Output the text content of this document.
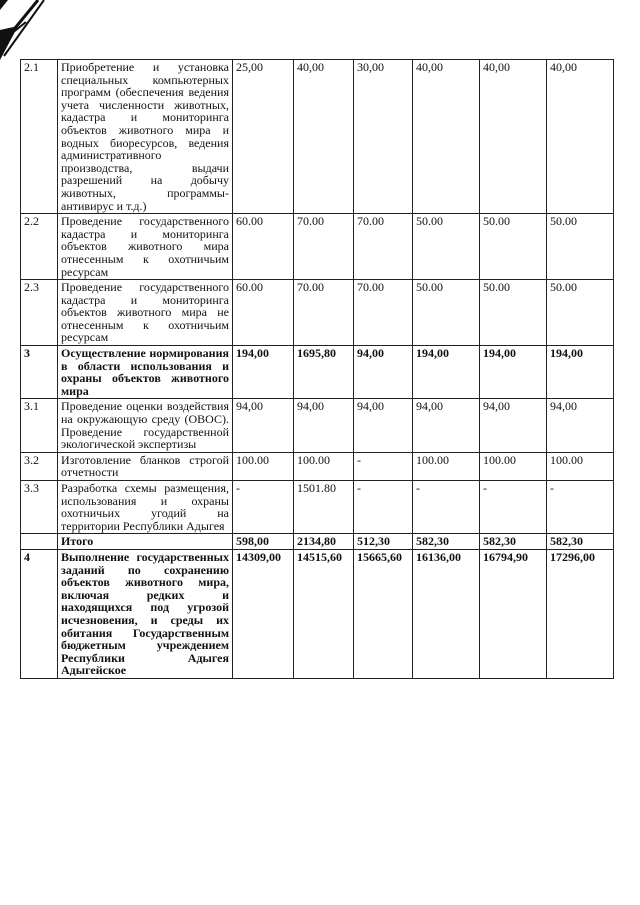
2.1	Приобретение и установка специальных компьютерных программ (обеспечения ведения учета численности животных, кадастра и мониторинга объектов животного мира и водных биоресурсов, ведения административного производства, выдачи разрешений на добычу животных, программы-антивирус и т.д.)	25,00	40,00	30,00	40,00	40,00	40,00
2.2	Проведение государственного кадастра и мониторинга объектов животного мира отнесенным к охотничьим ресурсам	60.00	70.00	70.00	50.00	50.00	50.00
2.3	Проведение государственного кадастра и мониторинга объектов животного мира не отнесенным к охотничьим ресурсам	60.00	70.00	70.00	50.00	50.00	50.00
3	Осуществление нормирования в области использования и охраны объектов животного мира	194,00	1695,80	94,00	194,00	194,00	194,00
3.1	Проведение оценки воздействия на окружающую среду (ОВОС). Проведение государственной экологической экспертизы	94,00	94,00	94,00	94,00	94,00	94,00
3.2	Изготовление бланков строгой отчетности	100.00	100.00	-	100.00	100.00	100.00
3.3	Разработка схемы размещения, использования и охраны охотничьих угодий на территории Республики Адыгея	-	1501.80	-	-	-	-
	Итого	598,00	2134,80	512,30	582,30	582,30	582,30
4	Выполнение государственных заданий по сохранению объектов животного мира, включая редких и находящихся под угрозой исчезновения, и среды их обитания Государственным бюджетным учреждением Республики Адыгея Адыгейское	14309,00	14515,60	15665,60	16136,00	16794,90	17296,00
